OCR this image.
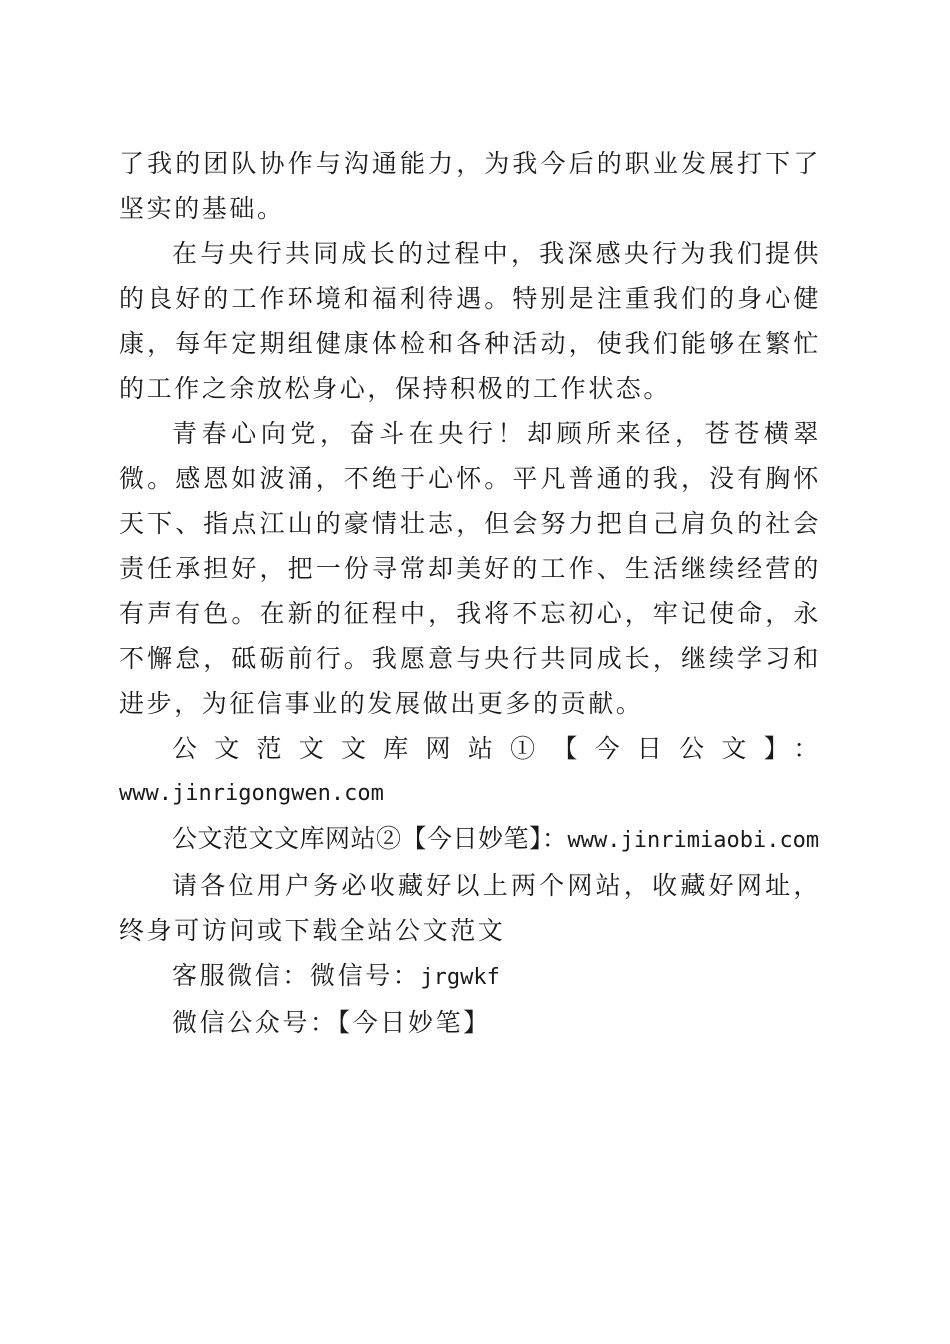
了我的团队协作与沟通能力，为我今后的职业发展打下了坚实的基础。

在与央行共同成长的过程中，我深感央行为我们提供的良好的工作环境和福利待遇。特别是注重我们的身心健康，每年定期组健康体检和各种活动，使我们能够在繁忙的工作之余放松身心，保持积极的工作状态。

青春心向党，奋斗在央行！却顾所来径，苍苍横翠微。感恩如波涌，不绝于心怀。平凡普通的我，没有胸怀天下、指点江山的豪情壮志，但会努力把自己肩负的社会责任承担好，把一份寻常却美好的工作、生活继续经营的有声有色。在新的征程中，我将不忘初心，牢记使命，永不懈怠，砥砺前行。我愿意与央行共同成长，继续学习和进步，为征信事业的发展做出更多的贡献。

公文范文文库网站①【今日公文】：
www.jinrigongwen.com

公文范文文库网站②【今日妙笔】：www.jinrimiaobi.com

请各位用户务必收藏好以上两个网站，收藏好网址，终身可访问或下载全站公文范文

客服微信：微信号：jrgwkf

微信公众号：【今日妙笔】
